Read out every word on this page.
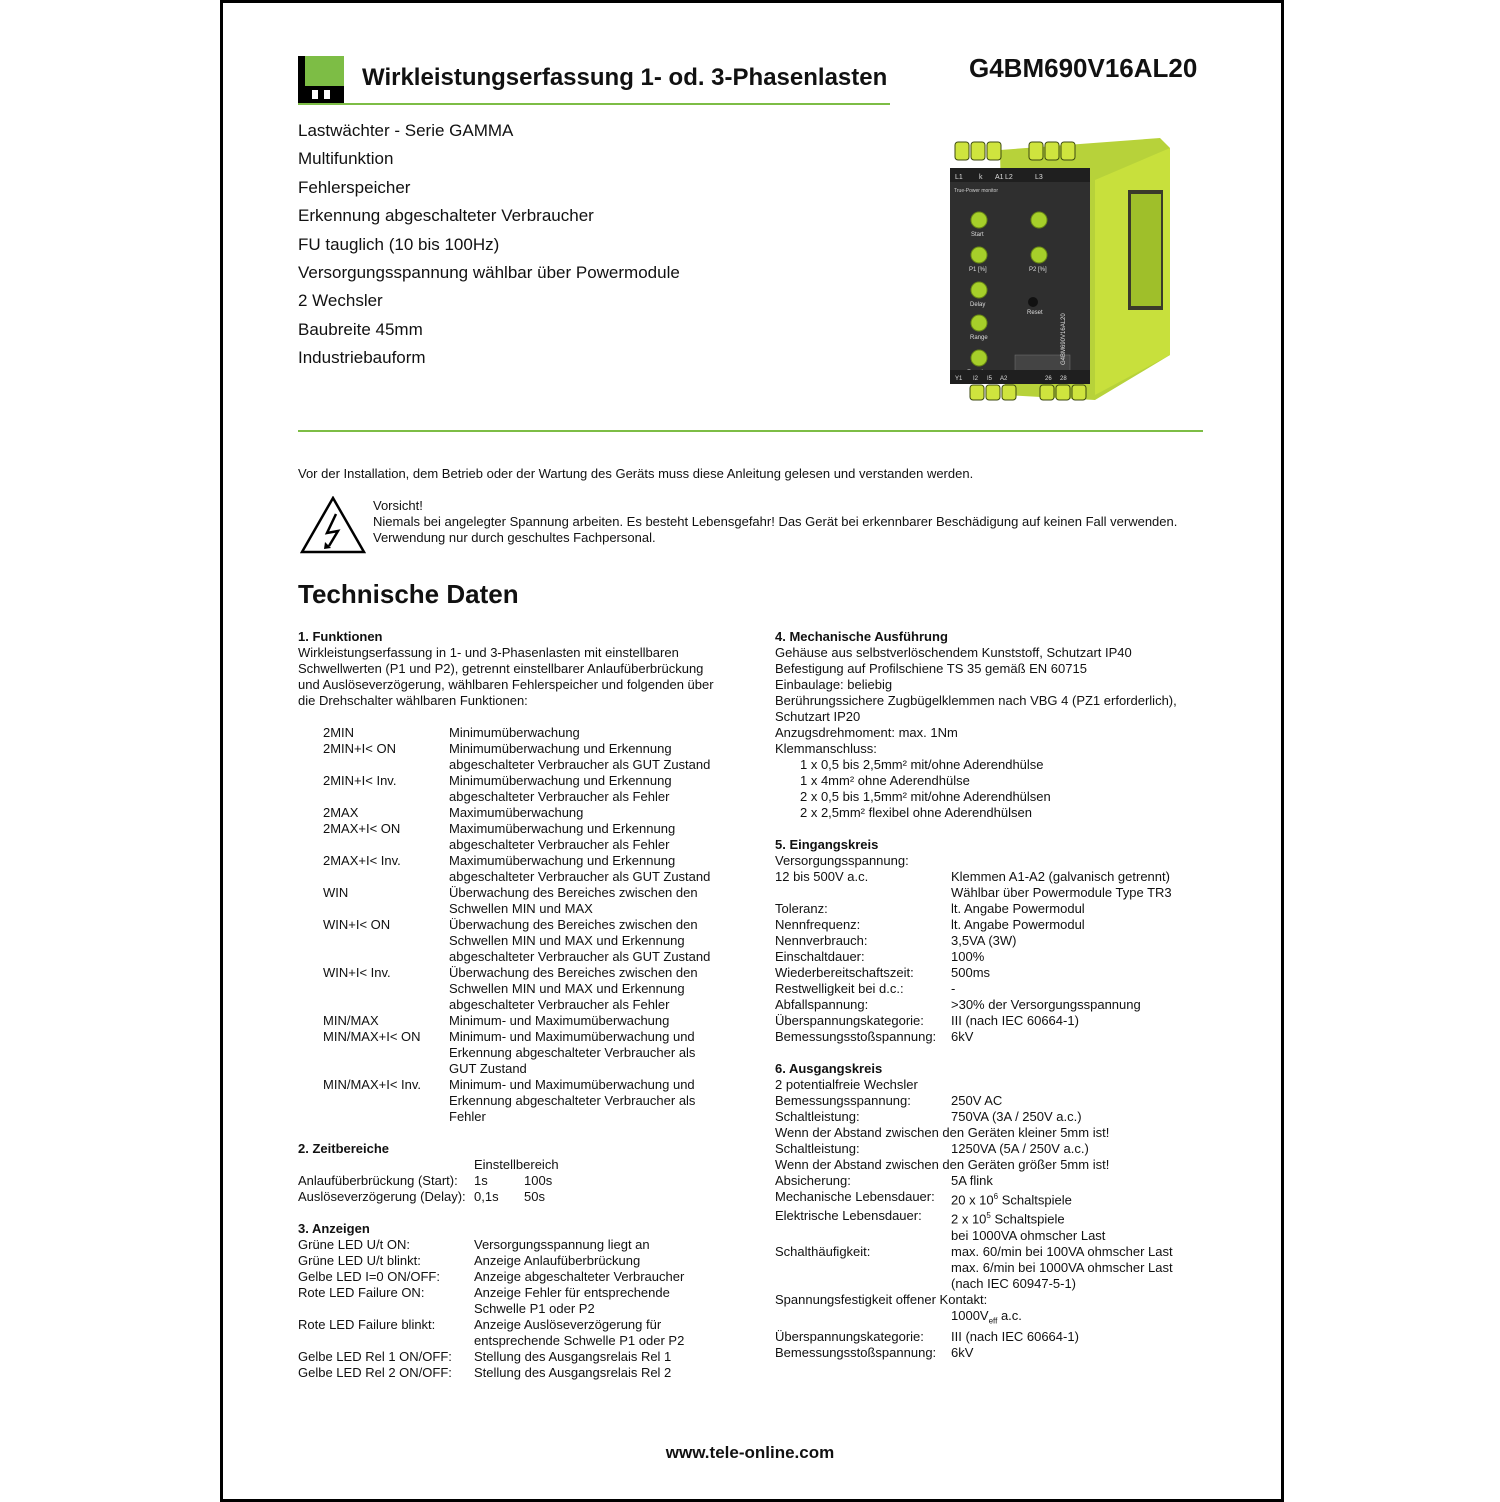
Wirkleistungserfassung 1- od. 3-Phasenlasten	G4BM690V16AL20
Lastwächter - Serie GAMMA
Multifunktion
Fehlerspeicher
Erkennung abgeschalteter Verbraucher
FU tauglich (10 bis 100Hz)
Versorgungsspannung wählbar über Powermodule
2 Wechsler
Baubreite 45mm
Industriebauform
L1 k A1 L2	L3
True-Power monitor
Start
P1 [%]	P2 [%]
Delay
Range
Reset
G4BM690V16AL20
Y1 I2 I5 A2	26 28
Vor der Installation, dem Betrieb oder der Wartung des Geräts muss diese Anleitung gelesen und verstanden werden.
Vorsicht!
Niemals bei angelegter Spannung arbeiten. Es besteht Lebensgefahr! Das Gerät bei erkennbarer Beschädigung auf keinen Fall verwenden.
Verwendung nur durch geschultes Fachpersonal.
Technische Daten
1. Funktionen
Wirkleistungserfassung in 1- und 3-Phasenlasten mit einstellbaren
Schwellwerten (P1 und P2), getrennt einstellbarer Anlaufüberbrückung
und Auslöseverzögerung, wählbaren Fehlerspeicher und folgenden über
die Drehschalter wählbaren Funktionen:
2MIN	Minimumüberwachung
2MIN+I< ON	Minimumüberwachung und Erkennung
abgeschalteter Verbraucher als GUT Zustand
2MIN+I< Inv.	Minimumüberwachung und Erkennung
abgeschalteter Verbraucher als Fehler
2MAX	Maximumüberwachung
2MAX+I< ON	Maximumüberwachung und Erkennung
abgeschalteter Verbraucher als Fehler
2MAX+I< Inv.	Maximumüberwachung und Erkennung
abgeschalteter Verbraucher als GUT Zustand
WIN	Überwachung des Bereiches zwischen den
Schwellen MIN und MAX
WIN+I< ON	Überwachung des Bereiches zwischen den
Schwellen MIN und MAX und Erkennung
abgeschalteter Verbraucher als GUT Zustand
WIN+I< Inv.	Überwachung des Bereiches zwischen den
Schwellen MIN und MAX und Erkennung
abgeschalteter Verbraucher als Fehler
MIN/MAX	Minimum- und Maximumüberwachung
MIN/MAX+I< ON	Minimum- und Maximumüberwachung und
Erkennung abgeschalteter Verbraucher als
GUT Zustand
MIN/MAX+I< Inv.	Minimum- und Maximumüberwachung und
Erkennung abgeschalteter Verbraucher als
Fehler
2. Zeitbereiche
Einstellbereich
Anlaufüberbrückung (Start):	1s	100s
Auslöseverzögerung (Delay): 0,1s	50s
3. Anzeigen
Grüne LED U/t ON:	Versorgungsspannung liegt an
Grüne LED U/t blinkt:	Anzeige Anlaufüberbrückung
Gelbe LED I=0 ON/OFF:	Anzeige abgeschalteter Verbraucher
Rote LED Failure ON:	Anzeige Fehler für entsprechende
Schwelle P1 oder P2
Rote LED Failure blinkt:	Anzeige Auslöseverzögerung für
entsprechende Schwelle P1 oder P2
Gelbe LED Rel 1 ON/OFF:	Stellung des Ausgangsrelais Rel 1
Gelbe LED Rel 2 ON/OFF:	Stellung des Ausgangsrelais Rel 2
4. Mechanische Ausführung
Gehäuse aus selbstverlöschendem Kunststoff, Schutzart IP40
Befestigung auf Profilschiene TS 35 gemäß EN 60715
Einbaulage: beliebig
Berührungssichere Zugbügelklemmen nach VBG 4 (PZ1 erforderlich),
Schutzart IP20
Anzugsdrehmoment: max. 1Nm
Klemmanschluss:
1 x 0,5 bis 2,5mm² mit/ohne Aderendhülse
1 x 4mm² ohne Aderendhülse
2 x 0,5 bis 1,5mm² mit/ohne Aderendhülsen
2 x 2,5mm² flexibel ohne Aderendhülsen
5. Eingangskreis
Versorgungsspannung:
12 bis 500V a.c.	Klemmen A1-A2 (galvanisch getrennt)
Wählbar über Powermodule Type TR3
Toleranz:	lt. Angabe Powermodul
Nennfrequenz:	lt. Angabe Powermodul
Nennverbrauch:	3,5VA (3W)
Einschaltdauer:	100%
Wiederbereitschaftszeit:	500ms
Restwelligkeit bei d.c.:	-
Abfallspannung:	>30% der Versorgungsspannung
Überspannungskategorie:	III (nach IEC 60664-1)
Bemessungsstoßspannung:	6kV
6. Ausgangskreis
2 potentialfreie Wechsler
Bemessungsspannung:	250V AC
Schaltleistung:	750VA (3A / 250V a.c.)
Wenn der Abstand zwischen den Geräten kleiner 5mm ist!
Schaltleistung:	1250VA (5A / 250V a.c.)
Wenn der Abstand zwischen den Geräten größer 5mm ist!
Absicherung:	5A flink
Mechanische Lebensdauer:	20 x $10^6$ Schaltspiele
Elektrische Lebensdauer:	2 x $10^5$ Schaltspiele
bei 1000VA ohmscher Last
Schalthäufigkeit:	max. 60/min bei 100VA ohmscher Last
max. 6/min bei 1000VA ohmscher Last
(nach IEC 60947-5-1)
Spannungsfestigkeit offener Kontakt:
$1000V_{eff}$ a.c.
Überspannungskategorie:	III (nach IEC 60664-1)
Bemessungsstoßspannung:	6kV
www.tele-online.com
